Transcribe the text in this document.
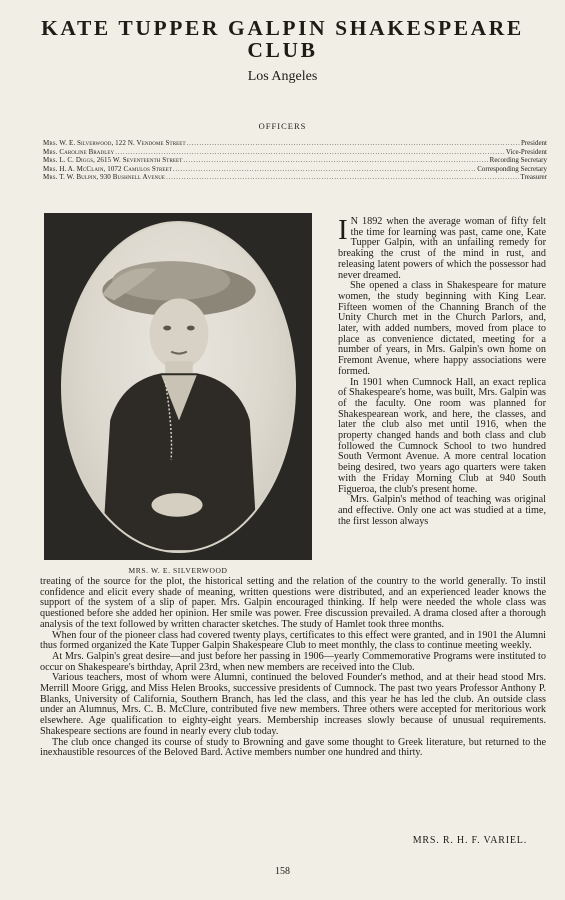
KATE TUPPER GALPIN SHAKESPEARE
CLUB
Los Angeles
OFFICERS
Mrs. W. E. Silverwood, 122 N. Vendome Street .....	President
Mrs. Caroline Bradley .....	Vice-President
Mrs. L. C. Diggs, 2615 W. Seventeenth Street .....	Recording Secretary
Mrs. H. A. McClain, 1072 Camulos Street .....	Corresponding Secretary
Mrs. T. W. Bulpin, 930 Bushnell Avenue .....	Treasurer
MRS. W. E. SILVERWOOD

I N 1892 when the average woman of fifty felt the time for learning was past, came one, Kate Tupper Galpin, with an unfailing remedy for breaking the crust of the mind in rust, and releasing latent powers of which the possessor had never dreamed.

She opened a class in Shakespeare for mature women, the study beginning with King Lear. Fifteen women of the Channing Branch of the Unity Church met in the Church Parlors, and, later, with added numbers, moved from place to place as convenience dictated, meeting for a number of years, in Mrs. Galpin's own home on Fremont Avenue, where happy associations were formed.

In 1901 when Cumnock Hall, an exact replica of Shakespeare's home, was built, Mrs. Galpin was of the faculty. One room was planned for Shakespearean work, and here, the classes, and later the club also met until 1916, when the property changed hands and both class and club followed the Cumnock School to two hundred South Vermont Avenue. A more central location being desired, two years ago quarters were taken with the Friday Morning Club at 940 South Figueroa, the club's present home.

Mrs. Galpin's method of teaching was original and effective. Only one act was studied at a time, the first lesson always

treating of the source for the plot, the historical setting and the relation of the country to the world generally. To instil confidence and elicit every shade of meaning, written questions were distributed, and an experienced leader knows the support of the system of a slip of paper. Mrs. Galpin encouraged thinking. If help were needed the whole class was questioned before she added her opinion. Her smile was power. Free discussion prevailed. A drama closed after a thorough analysis of the text followed by written character sketches. The study of Hamlet took three months.

When four of the pioneer class had covered twenty plays, certificates to this effect were granted, and in 1901 the Alumni thus formed organized the Kate Tupper Galpin Shakespeare Club to meet monthly, the class to continue meeting weekly.

At Mrs. Galpin's great desire—and just before her passing in 1906—yearly Commemorative Programs were instituted to occur on Shakespeare's birthday, April 23rd, when new members are received into the Club.

Various teachers, most of whom were Alumni, continued the beloved Founder's method, and at their head stood Mrs. Merrill Moore Grigg, and Miss Helen Brooks, successive presidents of Cumnock. The past two years Professor Anthony P. Blanks, University of California, Southern Branch, has led the class, and this year he has led the club. An outside class under an Alumnus, Mrs. C. B. McClure, contributed five new members. Three others were accepted for meritorious work elsewhere. Age qualification to eighty-eight years. Membership increases slowly because of unusual requirements. Shakespeare sections are found in nearly every club today.

The club once changed its course of study to Browning and gave some thought to Greek literature, but returned to the inexhaustible resources of the Beloved Bard. Active members number one hundred and thirty.

MRS. R. H. F. VARIEL.
158
